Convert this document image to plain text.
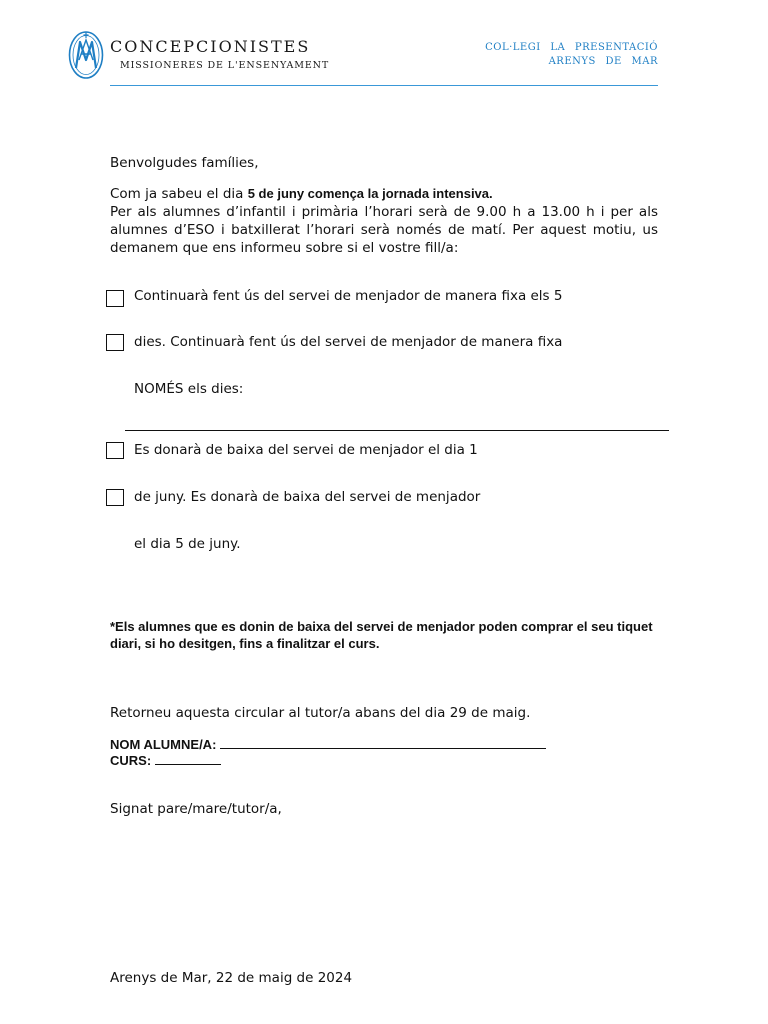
CONCEPCIONISTES
MISSIONERES DE L'ENSENYAMENT
COL·LEGI LA PRESENTACIÓ
ARENYS DE MAR
Benvolgudes famílies,
Com ja sabeu el dia 5 de juny comença la jornada intensiva.
Per als alumnes d’infantil i primària l’horari serà de 9.00 h a 13.00 h i per als alumnes d’ESO i batxillerat l’horari serà només de matí. Per aquest motiu, us demanem que ens informeu sobre si el vostre fill/a:
Continuarà fent ús del servei de menjador de manera fixa els 5
dies. Continuarà fent ús del servei de menjador de manera fixa
NOMÉS els dies:
Es donarà de baixa del servei de menjador el dia 1
de juny. Es donarà de baixa del servei de menjador
el dia 5 de juny.
*Els alumnes que es donin de baixa del servei de menjador poden comprar el seu tiquet diari, si ho desitgen, fins a finalitzar el curs.
Retorneu aquesta circular al tutor/a abans del dia 29 de maig.
NOM ALUMNE/A:
CURS:
Signat pare/mare/tutor/a,
Arenys de Mar, 22 de maig de 2024
